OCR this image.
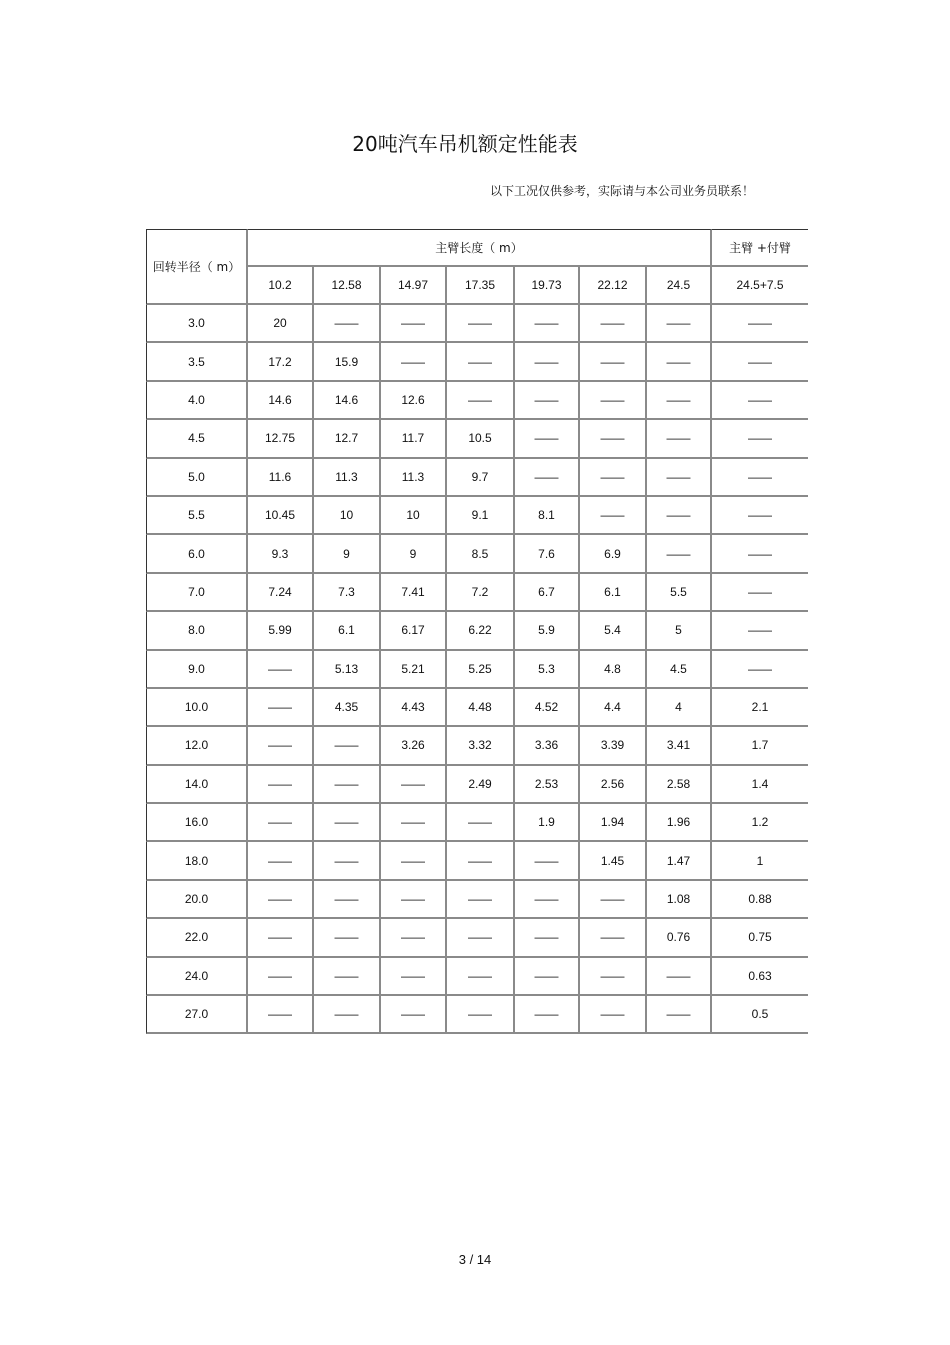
20吨汽车吊机额定性能表
以下工况仅供参考，实际请与本公司业务员联系！
回转半径（ m）	主臂长度（ m）							主臂 +付臂
	10.2	12.58	14.97	17.35	19.73	22.12	24.5	24.5+7.5
3.0	20	——	——	——	——	——	——	——
3.5	17.2	15.9	——	——	——	——	——	——
4.0	14.6	14.6	12.6	——	——	——	——	——
4.5	12.75	12.7	11.7	10.5	——	——	——	——
5.0	11.6	11.3	11.3	9.7	——	——	——	——
5.5	10.45	10	10	9.1	8.1	——	——	——
6.0	9.3	9	9	8.5	7.6	6.9	——	——
7.0	7.24	7.3	7.41	7.2	6.7	6.1	5.5	——
8.0	5.99	6.1	6.17	6.22	5.9	5.4	5	——
9.0	——	5.13	5.21	5.25	5.3	4.8	4.5	——
10.0	——	4.35	4.43	4.48	4.52	4.4	4	2.1
12.0	——	——	3.26	3.32	3.36	3.39	3.41	1.7
14.0	——	——	——	2.49	2.53	2.56	2.58	1.4
16.0	——	——	——	——	1.9	1.94	1.96	1.2
18.0	——	——	——	——	——	1.45	1.47	1
20.0	——	——	——	——	——	——	1.08	0.88
22.0	——	——	——	——	——	——	0.76	0.75
24.0	——	——	——	——	——	——	——	0.63
27.0	——	——	——	——	——	——	——	0.5
3 / 14
